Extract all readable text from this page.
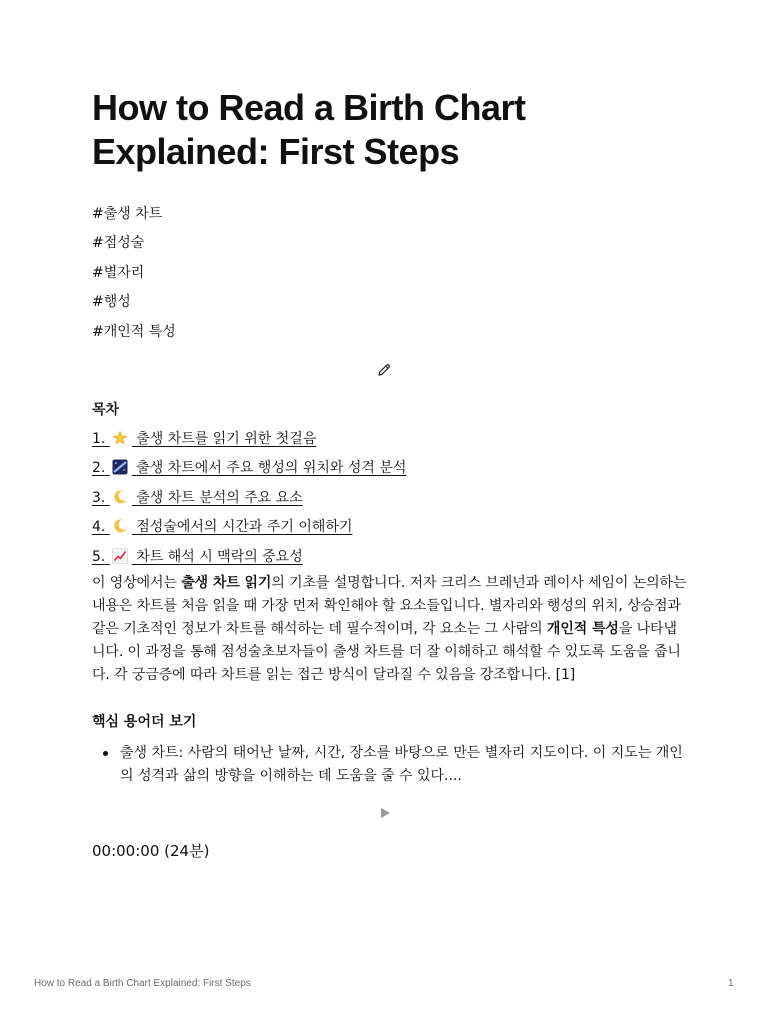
How to Read a Birth Chart Explained: First Steps
#출생 차트
#점성술
#별자리
#행성
#개인적 특성
목차
1. 출생 차트를 읽기 위한 첫걸음
2. 출생 차트에서 주요 행성의 위치와 성격 분석
3. 출생 차트 분석의 주요 요소
4. 점성술에서의 시간과 주기 이해하기
5. 차트 해석 시 맥락의 중요성

이 영상에서는 출생 차트 읽기의 기초를 설명합니다. 저자 크리스 브레넌과 레이사 세임이 논의하는 내용은 차트를 처음 읽을 때 가장 먼저 확인해야 할 요소들입니다. 별자리와 행성의 위치, 상승점과 같은 기초적인 정보가 차트를 해석하는 데 필수적이며, 각 요소는 그 사람의 개인적 특성을 나타냅니다. 이 과정을 통해 점성술초보자들이 출생 차트를 더 잘 이해하고 해석할 수 있도록 도움을 줍니다. 각 궁금증에 따라 차트를 읽는 접근 방식이 달라질 수 있음을 강조합니다. [1]

핵심 용어더 보기
출생 차트: 사람의 태어난 날짜, 시간, 장소를 바탕으로 만든 별자리 지도이다. 이 지도는 개인의 성격과 삶의 방향을 이해하는 데 도움을 줄 수 있다....
00:00:00 (24분)
How to Read a Birth Chart Explained: First Steps	1
